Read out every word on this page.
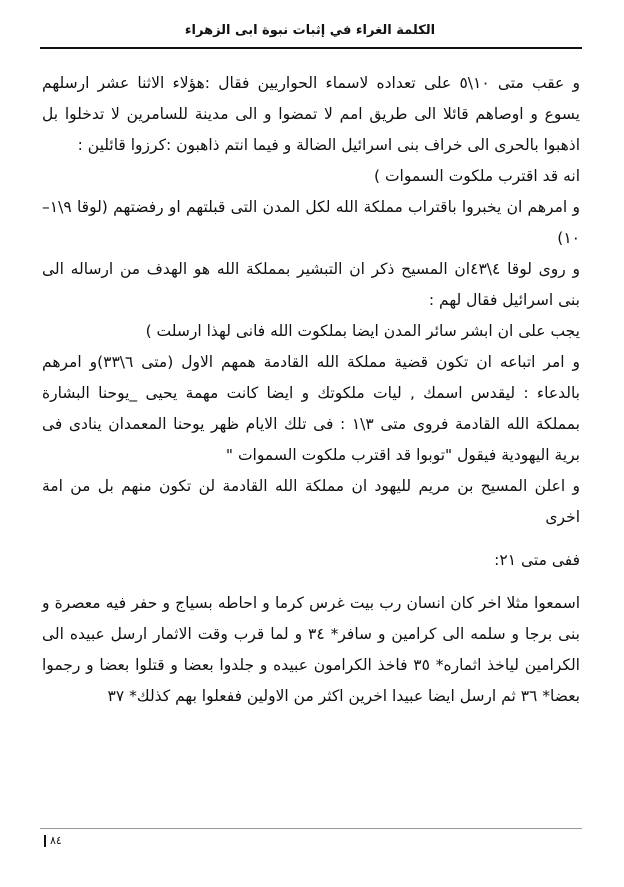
الكلمة الغراء في إثبات نبوة ابى الزهراء

و عقب متى ١٠\٥ على تعداده لاسماء الحواريين فقال :هؤلاء الاثنا عشر ارسلهم يسوع و اوصاهم قائلا الى طريق امم لا تمضوا و الى مدينة للسامرين لا تدخلوا بل اذهبوا بالحرى الى خراف بنى اسرائيل الضالة و فيما انتم ذاهبون :كرزوا قائلين :

انه قد اقترب ملكوت السموات )

و امرهم ان يخبروا باقتراب مملكة الله لكل المدن التى قبلتهم او رفضتهم (لوقا ٩\١–١٠)

و روى لوقا ٤\٤٣ان المسيح ذكر ان التبشير بمملكة الله هو الهدف من ارساله الى بنى اسرائيل فقال لهم :

يجب على ان ابشر سائر المدن ايضا بملكوت الله فانى لهذا ارسلت )

و امر اتباعه ان تكون قضية مملكة الله القادمة همهم الاول (متى ٦\٣٣)و امرهم بالدعاء : ليقدس اسمك , ليات ملكوتك و ايضا كانت مهمة يحيى _يوحنا البشارة بمملكة الله القادمة فروى متى ٣\١ : فى تلك الايام ظهر يوحنا المعمدان ينادى فى برية اليهودية فيقول "توبوا قد اقترب ملكوت السموات "

و اعلن المسيح بن مريم لليهود ان مملكة الله القادمة لن تكون منهم بل من امة اخرى

ففى متى ٢١:

اسمعوا مثلا اخر كان انسان رب بيت غرس كرما و احاطه بسياج و حفر فيه معصرة و بنى برجا و سلمه الى كرامين و سافر* ٣٤ و لما قرب وقت الاثمار ارسل عبيده الى الكرامين لياخذ اثماره* ٣٥ فاخذ الكرامون عبيده و جلدوا بعضا و قتلوا بعضا و رجموا بعضا* ٣٦ ثم ارسل ايضا عبيدا اخرين اكثر من الاولين ففعلوا بهم كذلك* ٣٧

٨٤
